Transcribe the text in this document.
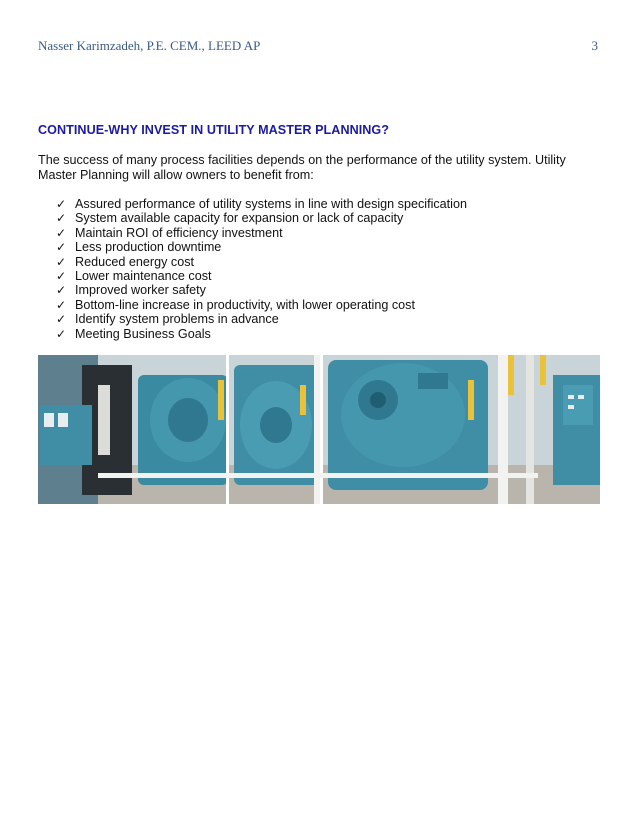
Nasser Karimzadeh, P.E. CEM., LEED AP	3
CONTINUE-WHY INVEST IN UTILITY MASTER PLANNING?
The success of many process facilities depends on the performance of the utility system. Utility Master Planning will allow owners to benefit from:
✓ Assured performance of utility systems in line with design specification
✓ System available capacity for expansion or lack of capacity
✓ Maintain ROI of efficiency investment
✓ Less production downtime
✓ Reduced energy cost
✓ Lower maintenance cost
✓ Improved worker safety
✓ Bottom-line increase in productivity, with lower operating cost
✓ Identify system problems in advance
✓ Meeting Business Goals
